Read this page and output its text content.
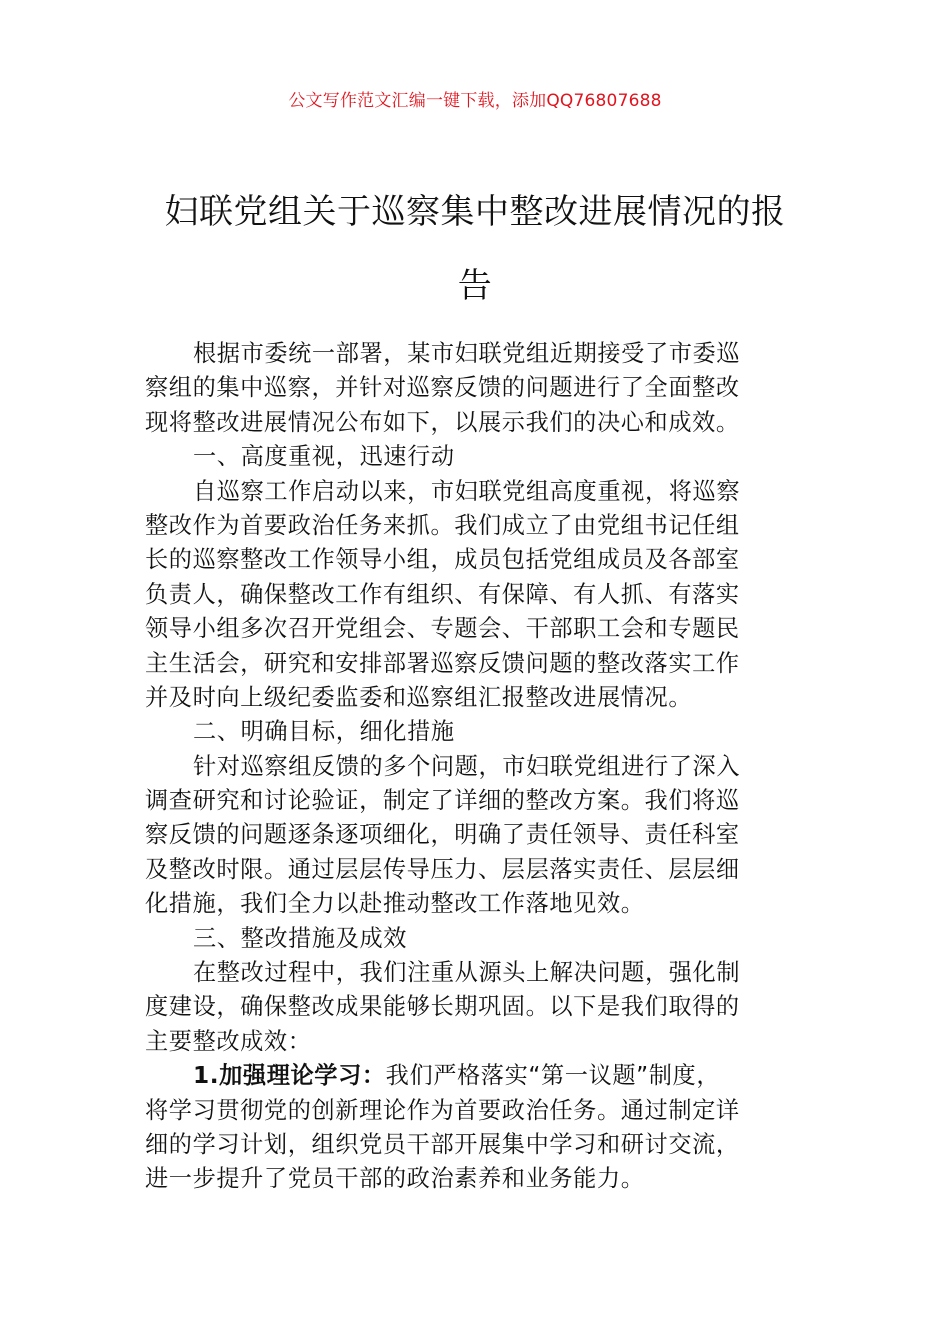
公文写作范文汇编一键下载，添加QQ76807688
妇联党组关于巡察集中整改进展情况的报
告
根据市委统一部署，某市妇联党组近期接受了市委巡
察组的集中巡察，并针对巡察反馈的问题进行了全面整改
现将整改进展情况公布如下，以展示我们的决心和成效。
一、高度重视，迅速行动
自巡察工作启动以来，市妇联党组高度重视，将巡察
整改作为首要政治任务来抓。我们成立了由党组书记任组
长的巡察整改工作领导小组，成员包括党组成员及各部室
负责人，确保整改工作有组织、有保障、有人抓、有落实
领导小组多次召开党组会、专题会、干部职工会和专题民
主生活会，研究和安排部署巡察反馈问题的整改落实工作
并及时向上级纪委监委和巡察组汇报整改进展情况。
二、明确目标，细化措施
针对巡察组反馈的多个问题，市妇联党组进行了深入
调查研究和讨论验证，制定了详细的整改方案。我们将巡
察反馈的问题逐条逐项细化，明确了责任领导、责任科室
及整改时限。通过层层传导压力、层层落实责任、层层细
化措施，我们全力以赴推动整改工作落地见效。
三、整改措施及成效
在整改过程中，我们注重从源头上解决问题，强化制
度建设，确保整改成果能够长期巩固。以下是我们取得的
主要整改成效：
1.加强理论学习：我们严格落实“第一议题”制度，
将学习贯彻党的创新理论作为首要政治任务。通过制定详
细的学习计划，组织党员干部开展集中学习和研讨交流，
进一步提升了党员干部的政治素养和业务能力。
